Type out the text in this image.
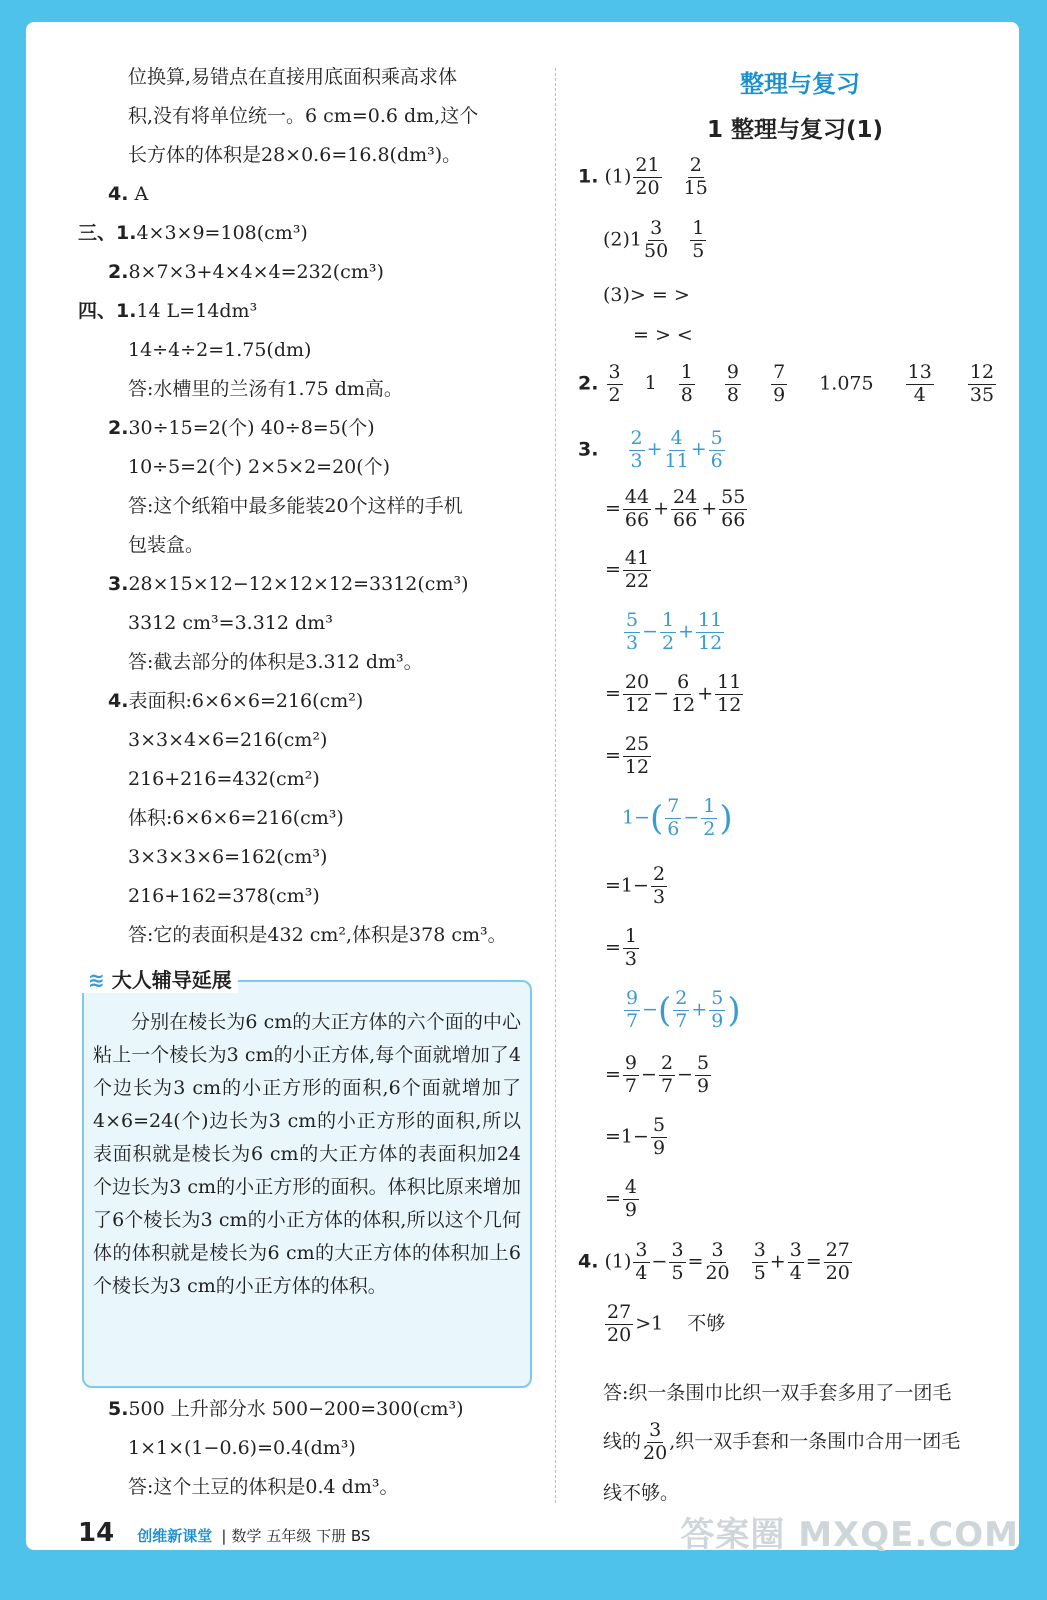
位换算,易错点在直接用底面积乘高求体
积,没有将单位统一。6 cm=0.6 dm,这个
长方体的体积是28×0.6=16.8(dm³)。
4. A
三、1.4×3×9=108(cm³)
2.8×7×3+4×4×4=232(cm³)
四、1.14 L=14dm³
14÷4÷2=1.75(dm)
答:水槽里的兰汤有1.75 dm高。
2.30÷15=2(个) 40÷8=5(个)
10÷5=2(个) 2×5×2=20(个)
答:这个纸箱中最多能装20个这样的手机
包装盒。
3.28×15×12−12×12×12=3312(cm³)
3312 cm³=3.312 dm³
答:截去部分的体积是3.312 dm³。
4.表面积:6×6×6=216(cm²)
3×3×4×6=216(cm²)
216+216=432(cm²)
体积:6×6×6=216(cm³)
3×3×3×6=162(cm³)
216+162=378(cm³)
答:它的表面积是432 cm²,体积是378 cm³。
5.500 上升部分水 500−200=300(cm³)
1×1×(1−0.6)=0.4(dm³)
答:这个土豆的体积是0.4 dm³。
≋ 大人辅导延展
分别在棱长为6 cm的大正方体的六个面的中心粘上一个棱长为3 cm的小正方体,每个面就增加了4个边长为3 cm的小正方形的面积,6个面就增加了4×6=24(个)边长为3 cm的小正方形的面积,所以表面积就是棱长为6 cm的大正方体的表面积加24个边长为3 cm的小正方形的面积。体积比原来增加了6个棱长为3 cm的小正方体的体积,所以这个几何体的体积就是棱长为6 cm的大正方体的体积加上6个棱长为3 cm的小正方体的体积。
整理与复习
1 整理与复习(1)
1. $(1) \frac{21}{20}$
$\frac{2}{15}$
$(2)1 \frac{3}{50}$
$\frac{1}{5}$
(3)> = >
= > <
2. $\frac{3}{2} 1 \frac{1}{8}$
$\frac{9}{8}$
$\frac{7}{9} 1.075 \frac{13}{4}$
$\frac{12}{35}$
3. $\frac{2}{3} + \frac{4}{11} + \frac{5}{6}$
= $\frac{44}{66} + \frac{24}{66} + \frac{55}{66}$
= $\frac{41}{22}$
$\frac{5}{3} - \frac{1}{2} + \frac{11}{12}$
= $\frac{20}{12} - \frac{6}{12} + \frac{11}{12}$
= $\frac{25}{12}$
$1-( \frac{7}{6} - \frac{1}{2}$ )
$=1- \frac{2}{3}$
= $\frac{1}{3}$
$\frac{9}{7}$ −( $\frac{2}{7} + \frac{5}{9}$ )
= $\frac{9}{7} - \frac{2}{7} - \frac{5}{9}$
$=1- \frac{5}{9}$
= $\frac{4}{9}$
4. $(1) \frac{3}{4} - \frac{3}{5} = \frac{3}{20}$
$\frac{3}{5} + \frac{3}{4} = \frac{27}{20}$
$\frac{27}{20} >1$ 不够
答:织一条围巾比织一双手套多用了一团毛
线的 $\frac{3}{20}$ ,织一双手套和一条围巾合用一团毛
线不够。
14 创维新课堂 | 数学 五年级 下册 BS	答案圈 MXQE.COM
